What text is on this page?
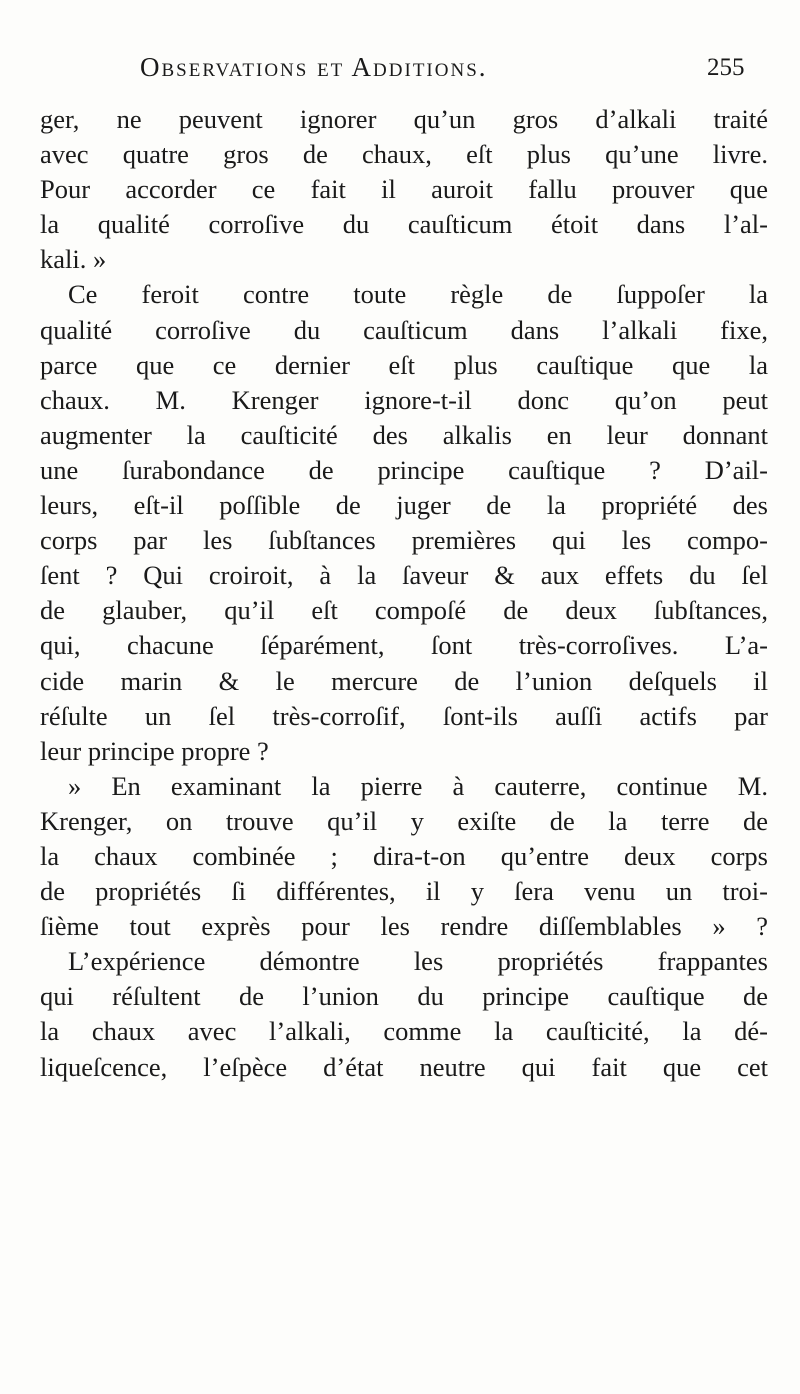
Observations et Additions.	255
ger, ne peuvent ignorer qu’un gros d’alkali traité
avec quatre gros de chaux, eſt plus qu’une livre.
Pour accorder ce fait il auroit fallu prouver que
la qualité corroſive du cauſticum étoit dans l’al-
kali. »
Ce feroit contre toute règle de ſuppoſer la
qualité corroſive du cauſticum dans l’alkali fixe,
parce que ce dernier eſt plus cauſtique que la
chaux. M. Krenger ignore-t-il donc qu’on peut
augmenter la cauſticité des alkalis en leur donnant
une ſurabondance de principe cauſtique ? D’ail-
leurs, eſt-il poſſible de juger de la propriété des
corps par les ſubſtances premières qui les compo-
ſent ? Qui croiroit, à la ſaveur & aux effets du ſel
de glauber, qu’il eſt compoſé de deux ſubſtances,
qui, chacune ſéparément, ſont très-corroſives. L’a-
cide marin & le mercure de l’union deſquels il
réſulte un ſel très-corroſif, ſont-ils auſſi actifs par
leur principe propre ?
» En examinant la pierre à cauterre, continue M.
Krenger, on trouve qu’il y exiſte de la terre de
la chaux combinée ; dira-t-on qu’entre deux corps
de propriétés ſi différentes, il y ſera venu un troi-
ſième tout exprès pour les rendre diſſemblables » ?
L’expérience démontre les propriétés frappantes
qui réſultent de l’union du principe cauſtique de
la chaux avec l’alkali, comme la cauſticité, la dé-
liqueſcence, l’eſpèce d’état neutre qui fait que cet
